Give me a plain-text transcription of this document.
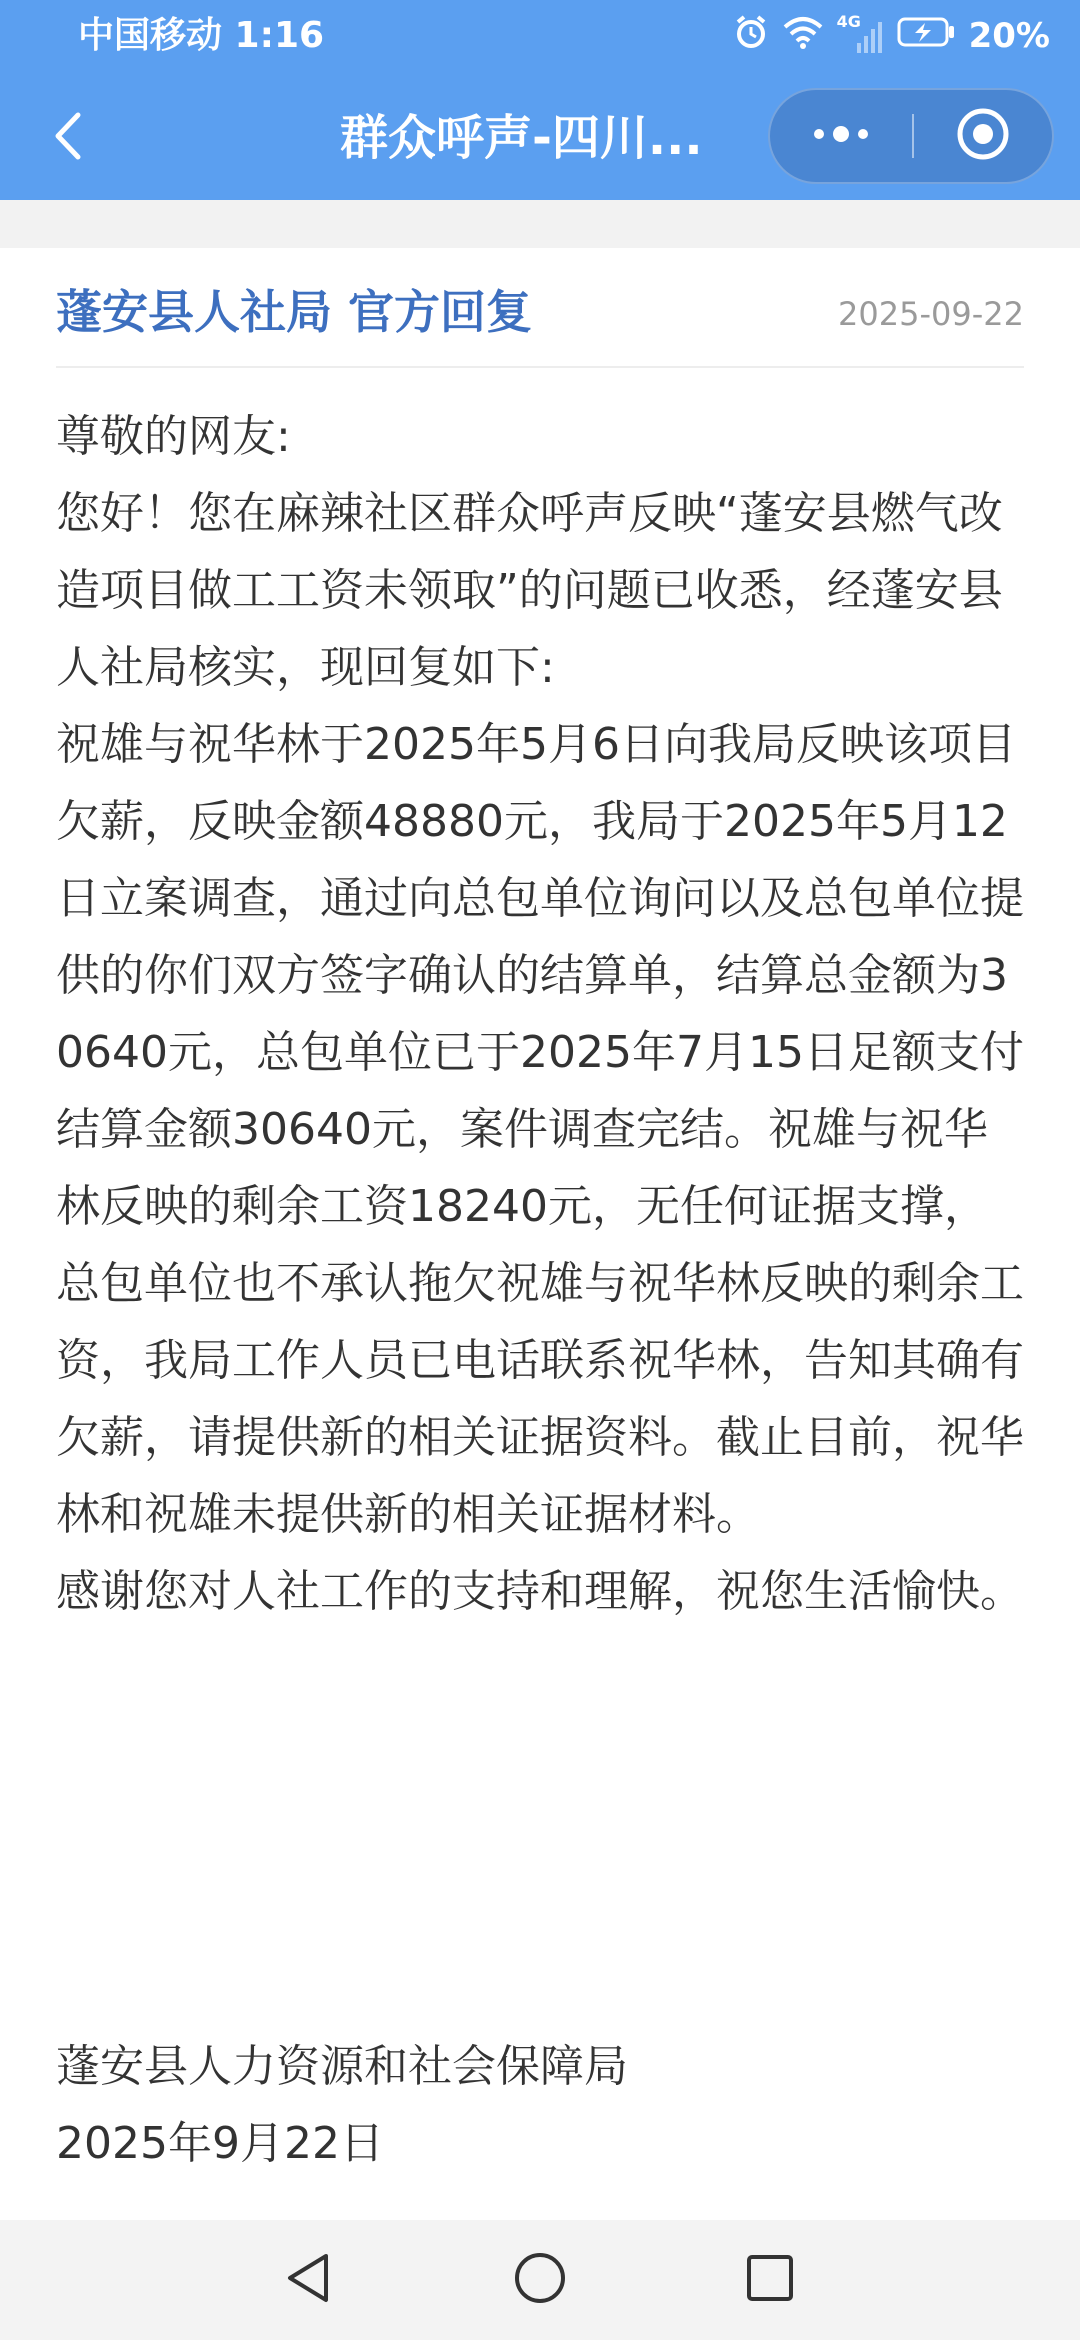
中国移动 1:16	4G	20%
群众呼声-四川...
蓬安县人社局 官方回复	2025-09-22

尊敬的网友:

您好！您在麻辣社区群众呼声反映“蓬安县燃气改造项目做工工资未领取”的问题已收悉，经蓬安县人社局核实，现回复如下:

祝雄与祝华林于2025年5月6日向我局反映该项目欠薪，反映金额48880元，我局于2025年5月12日立案调查，通过向总包单位询问以及总包单位提供的你们双方签字确认的结算单，结算总金额为30640元，总包单位已于2025年7月15日足额支付结算金额30640元，案件调查完结。祝雄与祝华林反映的剩余工资18240元，无任何证据支撑，总包单位也不承认拖欠祝雄与祝华林反映的剩余工资，我局工作人员已电话联系祝华林，告知其确有欠薪，请提供新的相关证据资料。截止目前，祝华林和祝雄未提供新的相关证据材料。

感谢您对人社工作的支持和理解，祝您生活愉快。

蓬安县人力资源和社会保障局
2025年9月22日
